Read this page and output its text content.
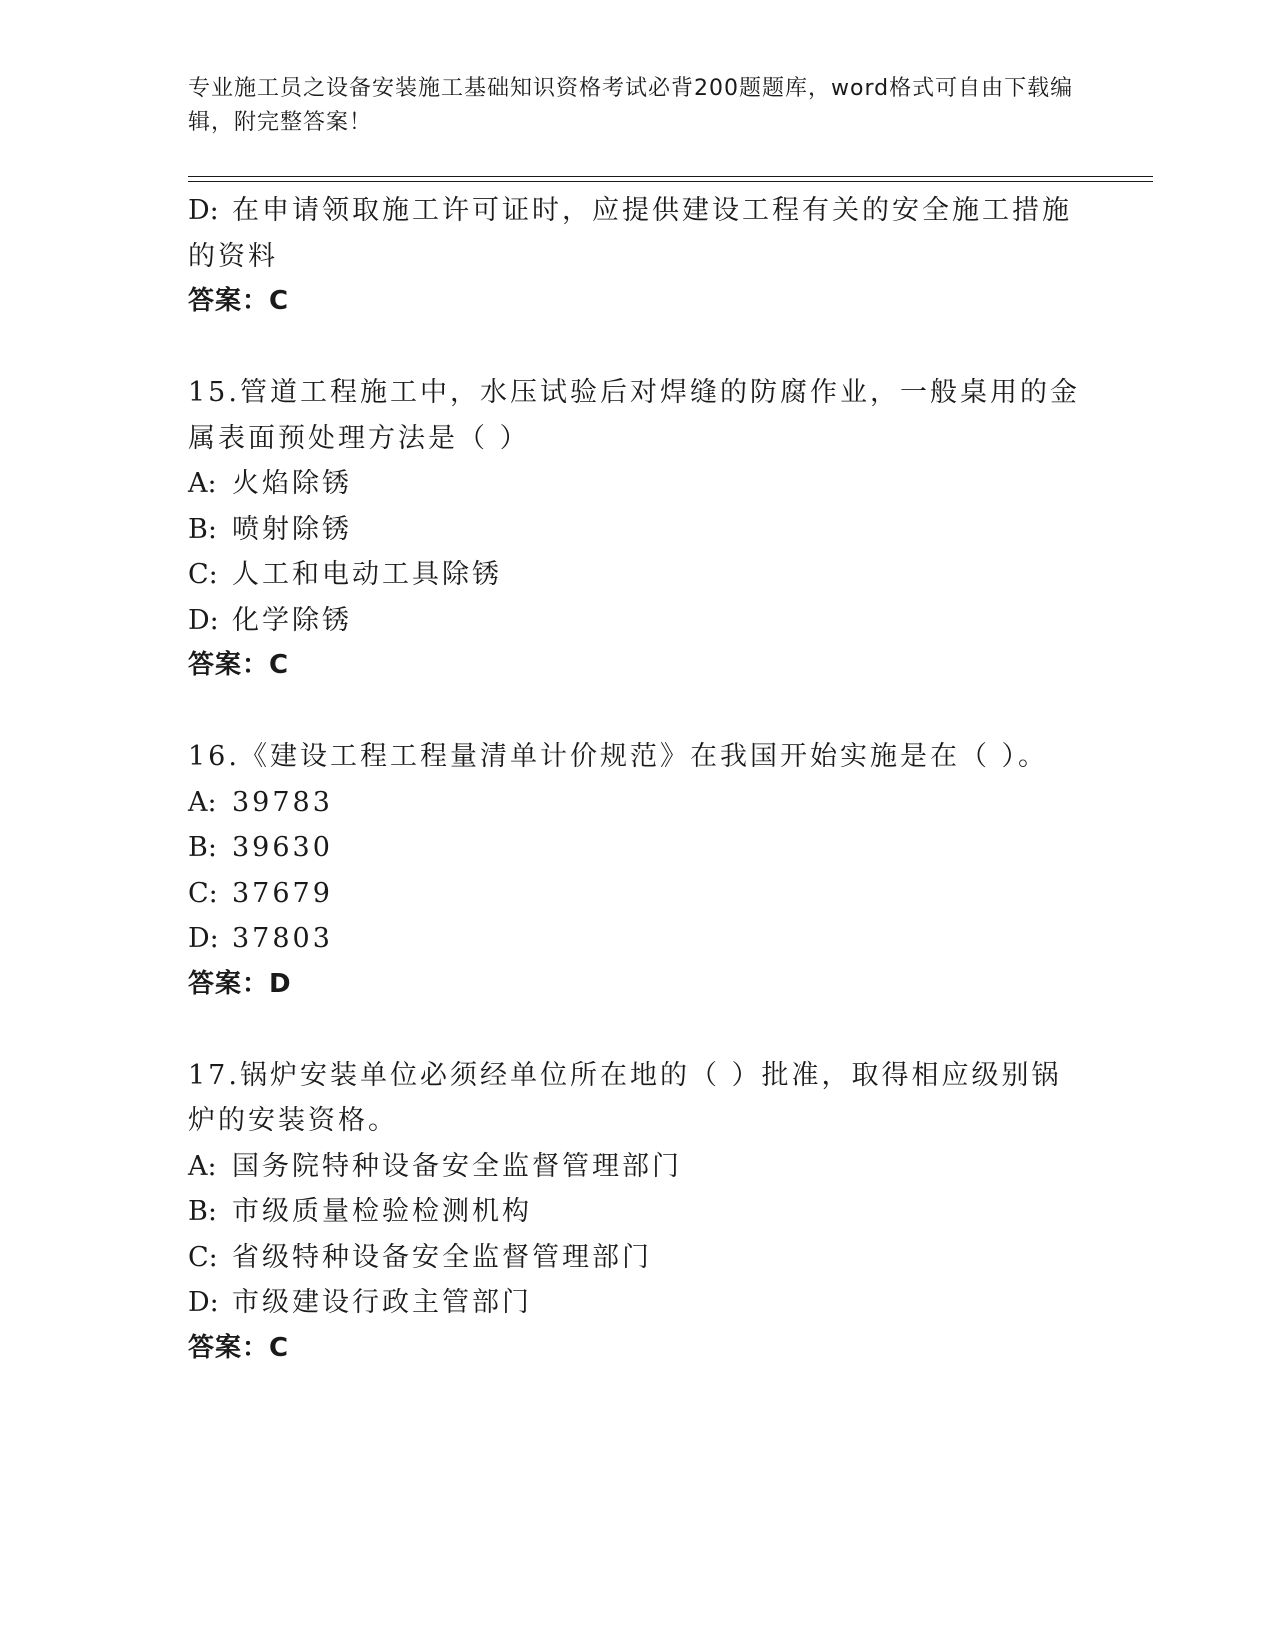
专业施工员之设备安装施工基础知识资格考试必背200题题库，word格式可自由下载编辑，附完整答案！
D: 在申请领取施工许可证时，应提供建设工程有关的安全施工措施的资料
答案：C
15.管道工程施工中，水压试验后对焊缝的防腐作业，一般桌用的金属表面预处理方法是（ ）
A: 火焰除锈
B: 喷射除锈
C: 人工和电动工具除锈
D: 化学除锈
答案：C
16.《建设工程工程量清单计价规范》在我国开始实施是在（ ）。
A: 39783
B: 39630
C: 37679
D: 37803
答案：D
17.锅炉安装单位必须经单位所在地的（ ）批准，取得相应级别锅炉的安装资格。
A: 国务院特种设备安全监督管理部门
B: 市级质量检验检测机构
C: 省级特种设备安全监督管理部门
D: 市级建设行政主管部门
答案：C
